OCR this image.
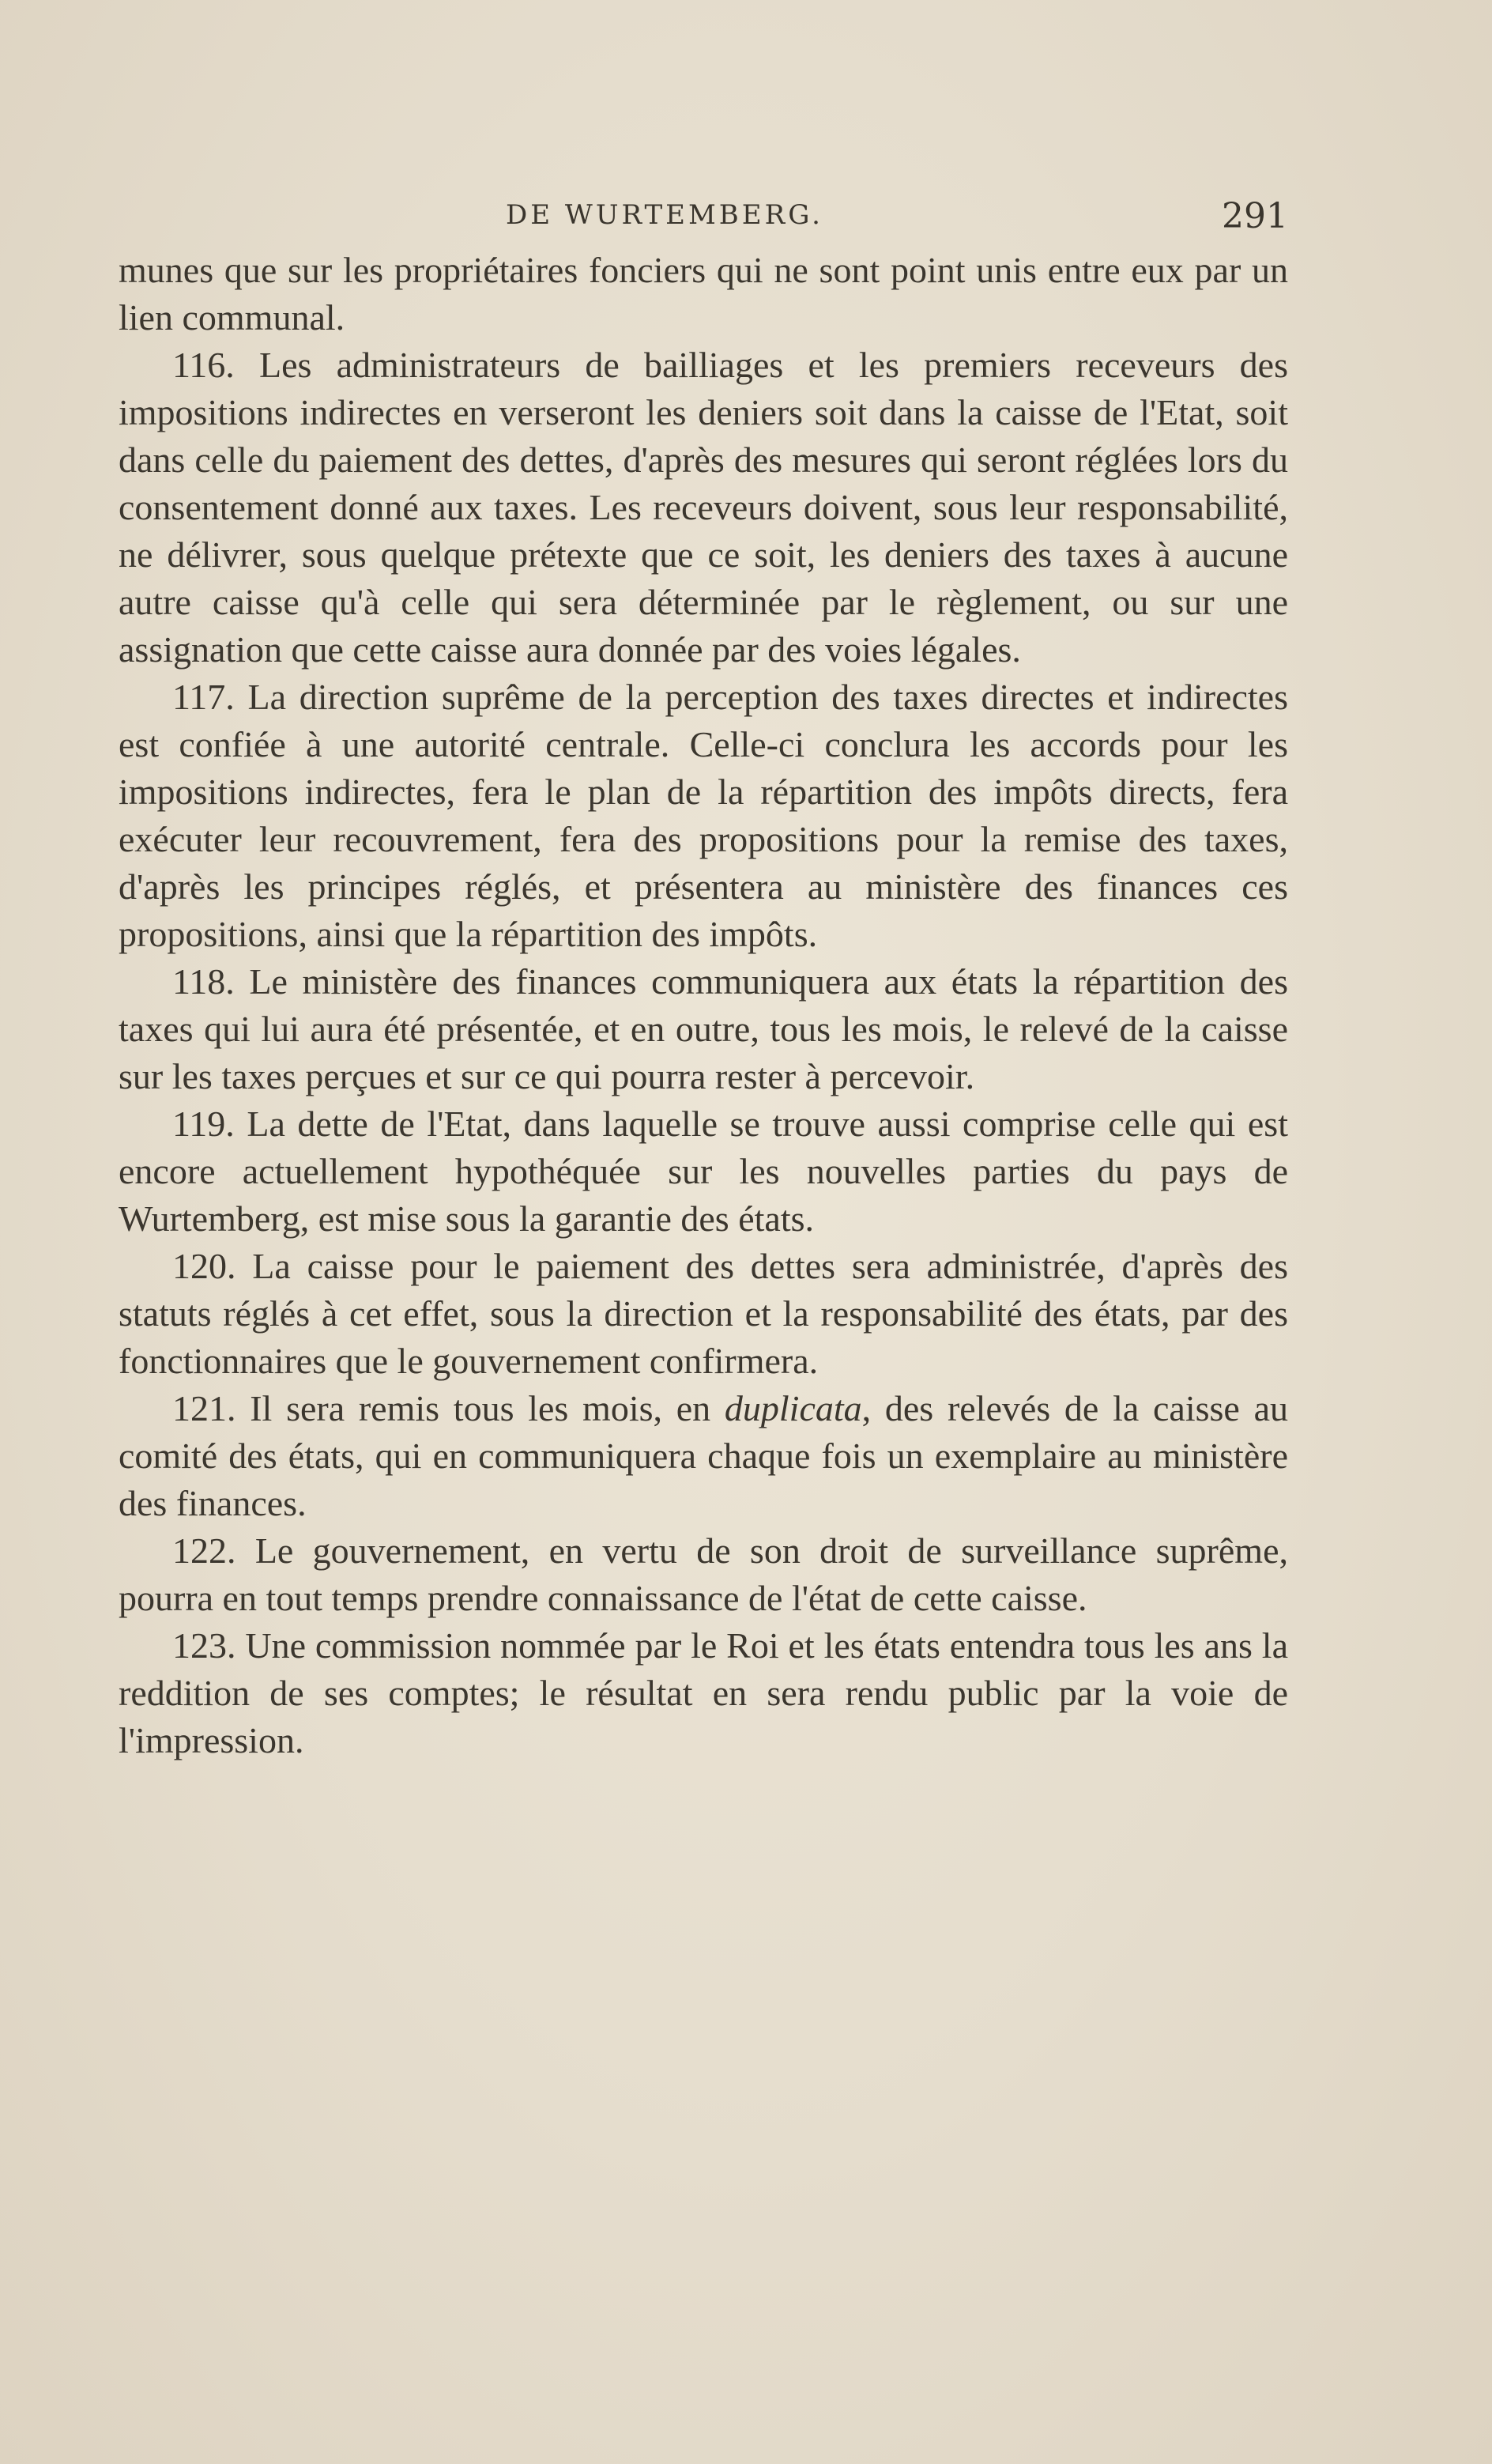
DE WURTEMBERG.	291

munes que sur les propriétaires fonciers qui ne sont point unis entre eux par un lien communal.

116. Les administrateurs de bailliages et les premiers receveurs des impositions indirectes en verseront les deniers soit dans la caisse de l'Etat, soit dans celle du paiement des dettes, d'après des mesures qui seront réglées lors du consentement donné aux taxes. Les receveurs doivent, sous leur responsabilité, ne délivrer, sous quelque prétexte que ce soit, les deniers des taxes à aucune autre caisse qu'à celle qui sera déterminée par le règlement, ou sur une assignation que cette caisse aura donnée par des voies légales.

117. La direction suprême de la perception des taxes directes et indirectes est confiée à une autorité centrale. Celle-ci conclura les accords pour les impositions indirectes, fera le plan de la répartition des impôts directs, fera exécuter leur recouvrement, fera des propositions pour la remise des taxes, d'après les principes réglés, et présentera au ministère des finances ces propositions, ainsi que la répartition des impôts.

118. Le ministère des finances communiquera aux états la répartition des taxes qui lui aura été présentée, et en outre, tous les mois, le relevé de la caisse sur les taxes perçues et sur ce qui pourra rester à percevoir.

119. La dette de l'Etat, dans laquelle se trouve aussi comprise celle qui est encore actuellement hypothéquée sur les nouvelles parties du pays de Wurtemberg, est mise sous la garantie des états.

120. La caisse pour le paiement des dettes sera administrée, d'après des statuts réglés à cet effet, sous la direction et la responsabilité des états, par des fonctionnaires que le gouvernement confirmera.

121. Il sera remis tous les mois, en duplicata, des relevés de la caisse au comité des états, qui en communiquera chaque fois un exemplaire au ministère des finances.

122. Le gouvernement, en vertu de son droit de surveillance suprême, pourra en tout temps prendre connaissance de l'état de cette caisse.

123. Une commission nommée par le Roi et les états entendra tous les ans la reddition de ses comptes; le résultat en sera rendu public par la voie de l'impression.
